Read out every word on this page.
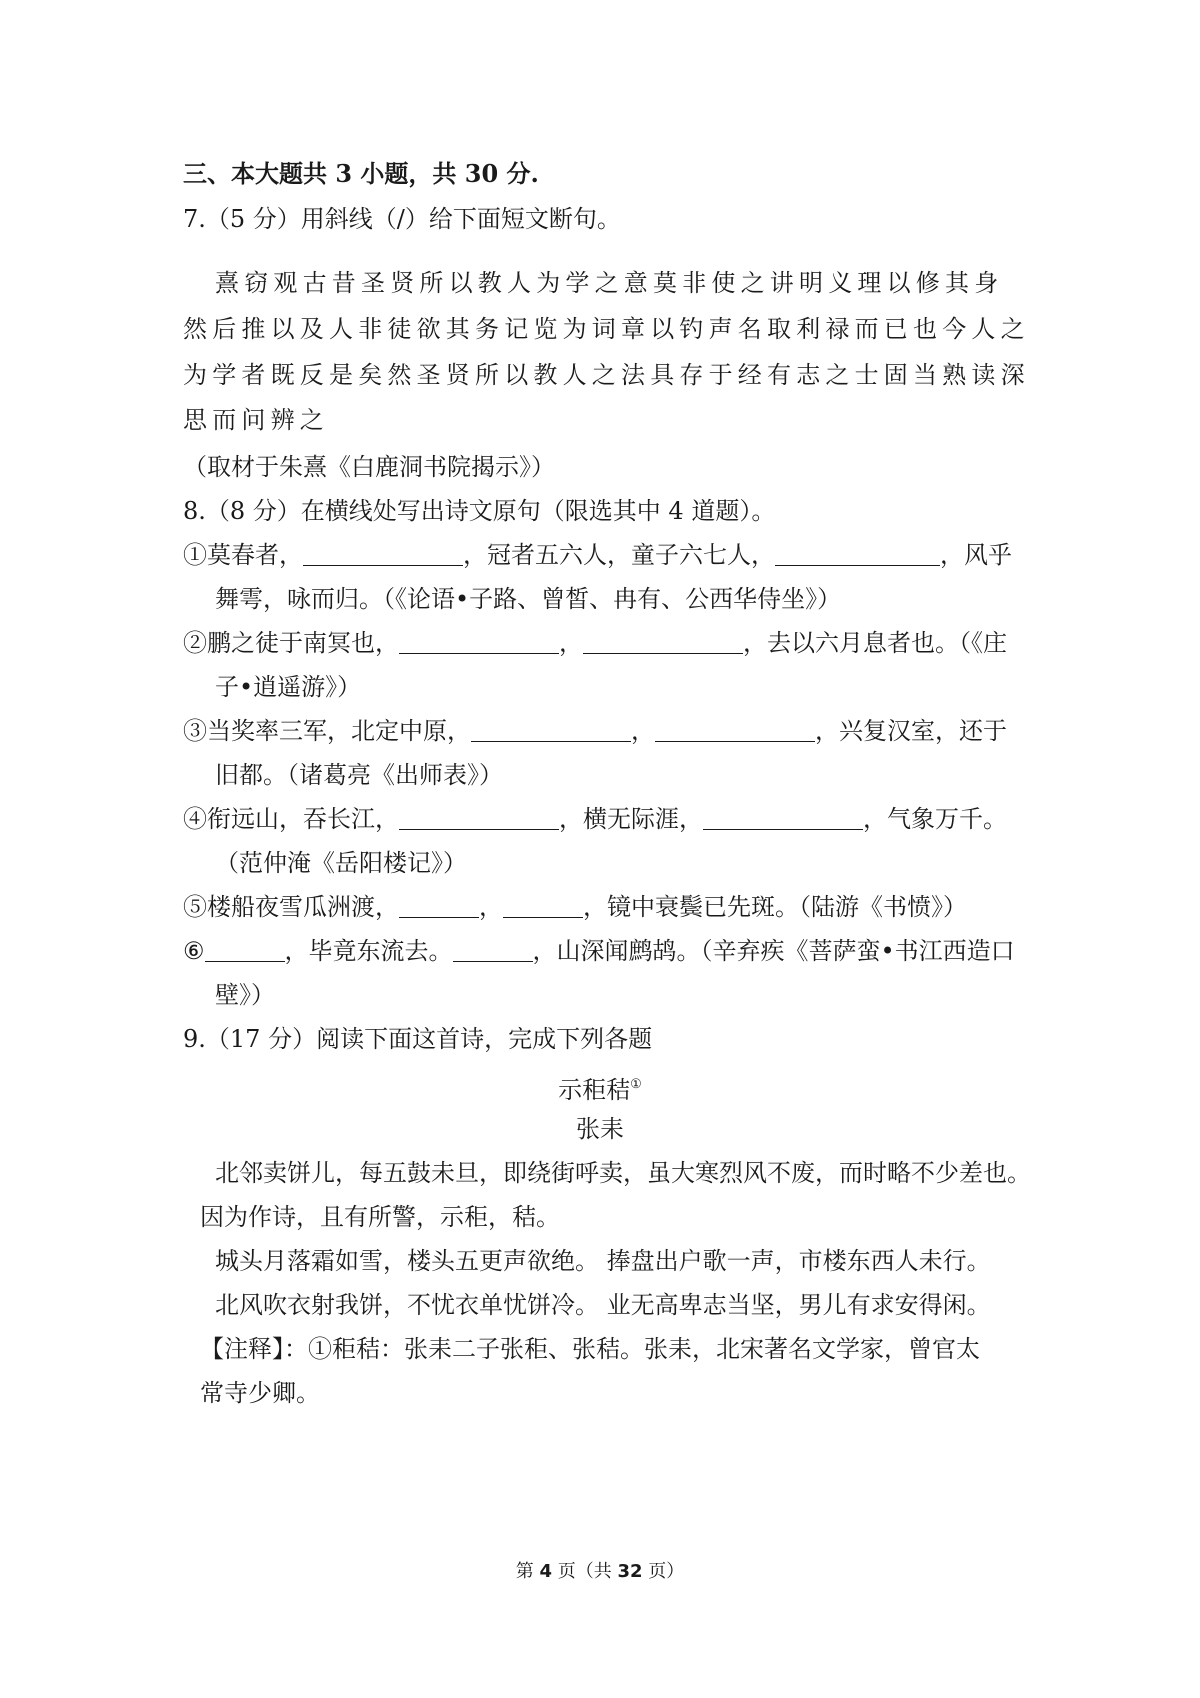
三、本大题共 3 小题，共 30 分.
7.（5 分）用斜线（/）给下面短文断句。
熹窃观古昔圣贤所以教人为学之意莫非使之讲明义理以修其身
然后推以及人非徒欲其务记览为词章以钓声名取利禄而已也今人之
为学者既反是矣然圣贤所以教人之法具存于经有志之士固当熟读深
思而问辨之
（取材于朱熹《白鹿洞书院揭示》）
8.（8 分）在横线处写出诗文原句（限选其中 4 道题）。
①莫春者，	，冠者五六人，童子六七人，	，风乎
舞雩，咏而归。（《论语•子路、曾皙、冉有、公西华侍坐》）
②鹏之徒于南冥也，	，	，去以六月息者也。（《庄
子•逍遥游》）
③当奖率三军，北定中原，	，	，兴复汉室，还于
旧都。（诸葛亮《出师表》）
④衔远山，吞长江，	，横无际涯，	，气象万千。
（范仲淹《岳阳楼记》）
⑤楼船夜雪瓜洲渡，	，	，镜中衰鬓已先斑。（陆游《书愤》）
⑥	，毕竟东流去。	，山深闻鹧鸪。（辛弃疾《菩萨蛮•书江西造口
壁》）
9.（17 分）阅读下面这首诗，完成下列各题
示秬秸①
张耒
北邻卖饼儿，每五鼓未旦，即绕街呼卖，虽大寒烈风不废，而时略不少差也。
因为作诗，且有所警，示秬，秸。
城头月落霜如雪，楼头五更声欲绝。 捧盘出户歌一声，市楼东西人未行。
北风吹衣射我饼，不忧衣单忧饼冷。 业无高卑志当坚，男儿有求安得闲。
【注释】：①秬秸：张耒二子张秬、张秸。张耒，北宋著名文学家，曾官太
常寺少卿。
第 4 页（共 32 页）
